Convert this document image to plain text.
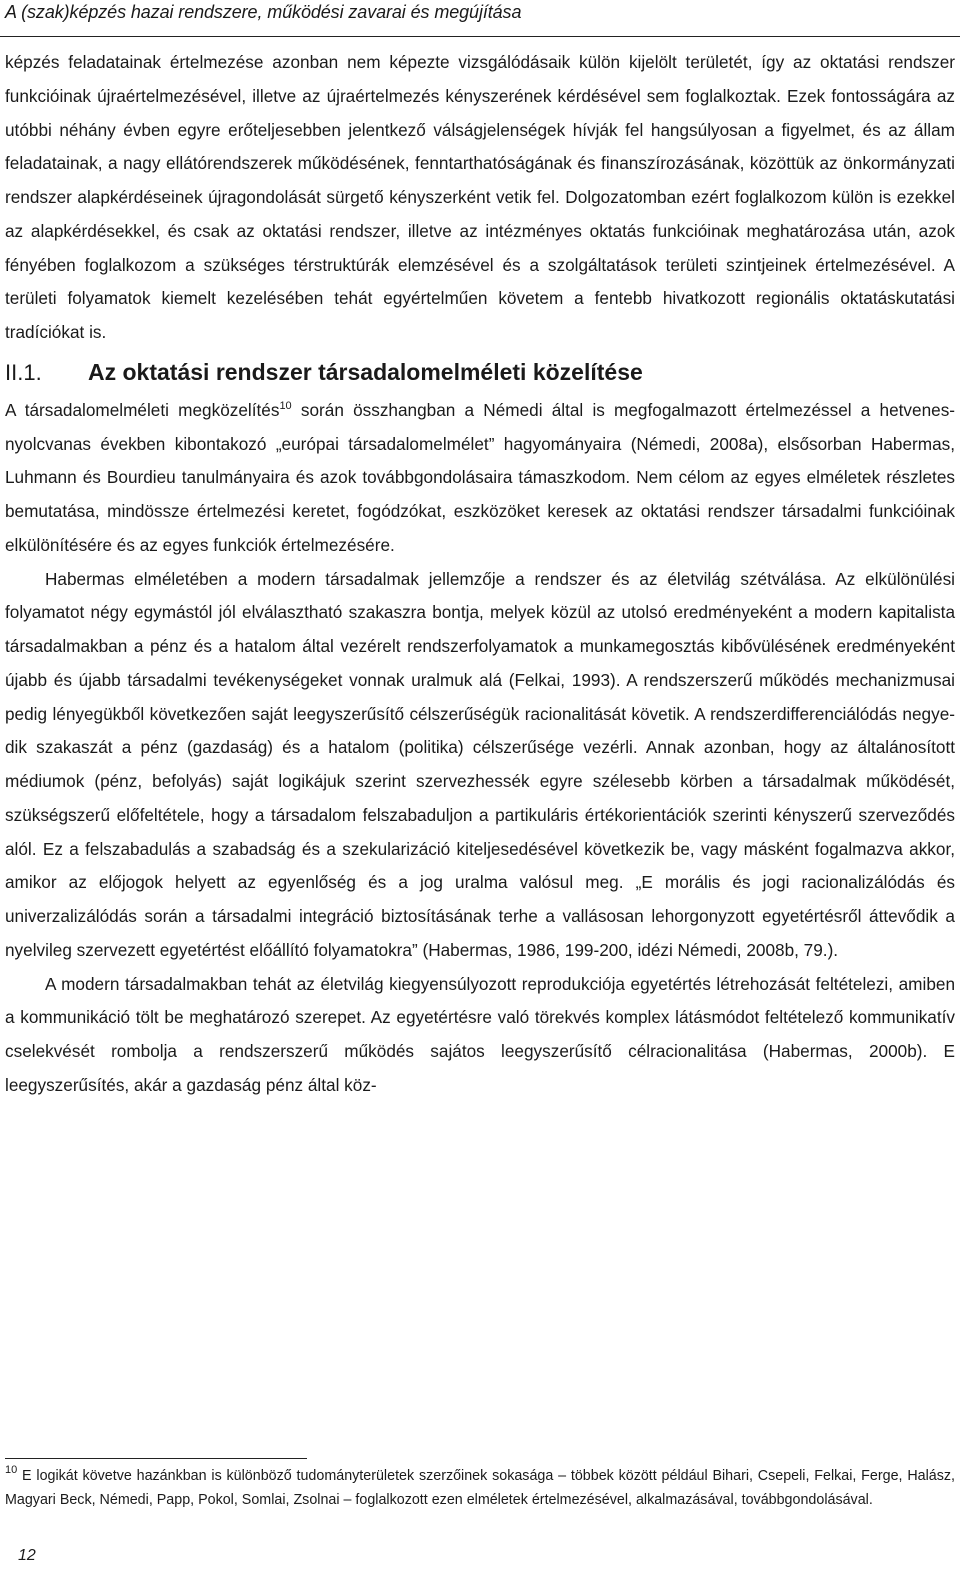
A (szak)képzés hazai rendszere, működési zavarai és megújítása

képzés feladatainak értelmezése azonban nem képezte vizsgálódásaik külön kijelölt területét, így az oktatási rendszer funkcióinak újraértelmezésével, illetve az újraértelmezés kényszerének kérdésével sem foglalkoztak. Ezek fontosságára az utóbbi néhány évben egyre erőteljesebben jelentkező válságjelenségek hívják fel hangsúlyosan a figyelmet, és az állam feladatainak, a nagy ellátórendszerek működésének, fenntarthatóságának és finanszírozásának, közöttük az önkormányzati rendszer alapkérdéseinek újragondolását sürgető kényszerként vetik fel. Dolgozatomban ezért foglalkozom külön is ezekkel az alapkérdésekkel, és csak az oktatási rendszer, illetve az intézményes oktatás funkcióinak meghatározása után, azok fényében foglalkozom a szükséges térstruktúrák elemzésével és a szolgáltatások területi szintjeinek értelmezésével. A területi folyamatok kiemelt kezelésében tehát egyértelműen követem a fentebb hivatkozott regionális oktatáskutatási tradíciókat is.

II.1. Az oktatási rendszer társadalomelméleti közelítése

A társadalomelméleti megközelítés$^{10}$ során összhangban a Némedi által is megfogalmazott értelmezéssel a hetvenes-nyolcvanas években kibontakozó „európai társadalomelmélet” hagyományaira (Némedi, 2008a), elsősorban Habermas, Luhmann és Bourdieu tanulmányaira és azok továbbgondolásaira támaszkodom. Nem célom az egyes elméletek részletes bemutatása, mindössze értelmezési keretet, fogódzókat, eszközöket keresek az oktatási rendszer társadalmi funkcióinak elkülönítésére és az egyes funkciók értelmezésére.

Habermas elméletében a modern társadalmak jellemzője a rendszer és az életvilág szétválása. Az elkülönülési folyamatot négy egymástól jól elválasztható szakaszra bontja, melyek közül az utolsó eredményeként a modern kapitalista társadalmakban a pénz és a hatalom által vezérelt rendszerfolyamatok a munkamegosztás kibővülésének eredményeként újabb és újabb társadalmi tevékenységeket vonnak uralmuk alá (Felkai, 1993). A rendszerszerű működés mechanizmusai pedig lényegükből következően saját leegyszerűsítő célszerűségük racionalitását követik. A rendszerdifferenciálódás negyedik szakaszát a pénz (gazdaság) és a hatalom (politika) célszerűsége vezérli. Annak azonban, hogy az általánosított médiumok (pénz, befolyás) saját logikájuk szerint szervezhessék egyre szélesebb körben a társadalmak működését, szükségszerű előfeltétele, hogy a társadalom felszabaduljon a partikuláris értékorientációk szerinti kényszerű szerveződés alól. Ez a felszabadulás a szabadság és a szekularizáció kiteljesedésével következik be, vagy másként fogalmazva akkor, amikor az előjogok helyett az egyenlőség és a jog uralma valósul meg. „E morális és jogi racionalizálódás és univerzalizálódás során a társadalmi integráció biztosításának terhe a vallásosan lehorgonyzott egyetértésről áttevődik a nyelvileg szervezett egyetértést előállító folyamatokra” (Habermas, 1986, 199-200, idézi Némedi, 2008b, 79.).

A modern társadalmakban tehát az életvilág kiegyensúlyozott reprodukciója egyetértés létrehozását feltételezi, amiben a kommunikáció tölt be meghatározó szerepet. Az egyetértésre való törekvés komplex látásmódot feltételező kommunikatív cselekvését rombolja a rendszerszerű működés sajátos leegyszerűsítő célracionalitása (Habermas, 2000b). E leegyszerűsítés, akár a gazdaság pénz által köz-

$^{10}$ E logikát követve hazánkban is különböző tudományterületek szerzőinek sokasága – többek között például Bihari, Csepeli, Felkai, Ferge, Halász, Magyari Beck, Némedi, Papp, Pokol, Somlai, Zsolnai – foglalkozott ezen elméletek értelmezésével, alkalmazásával, továbbgondolásával.
12
